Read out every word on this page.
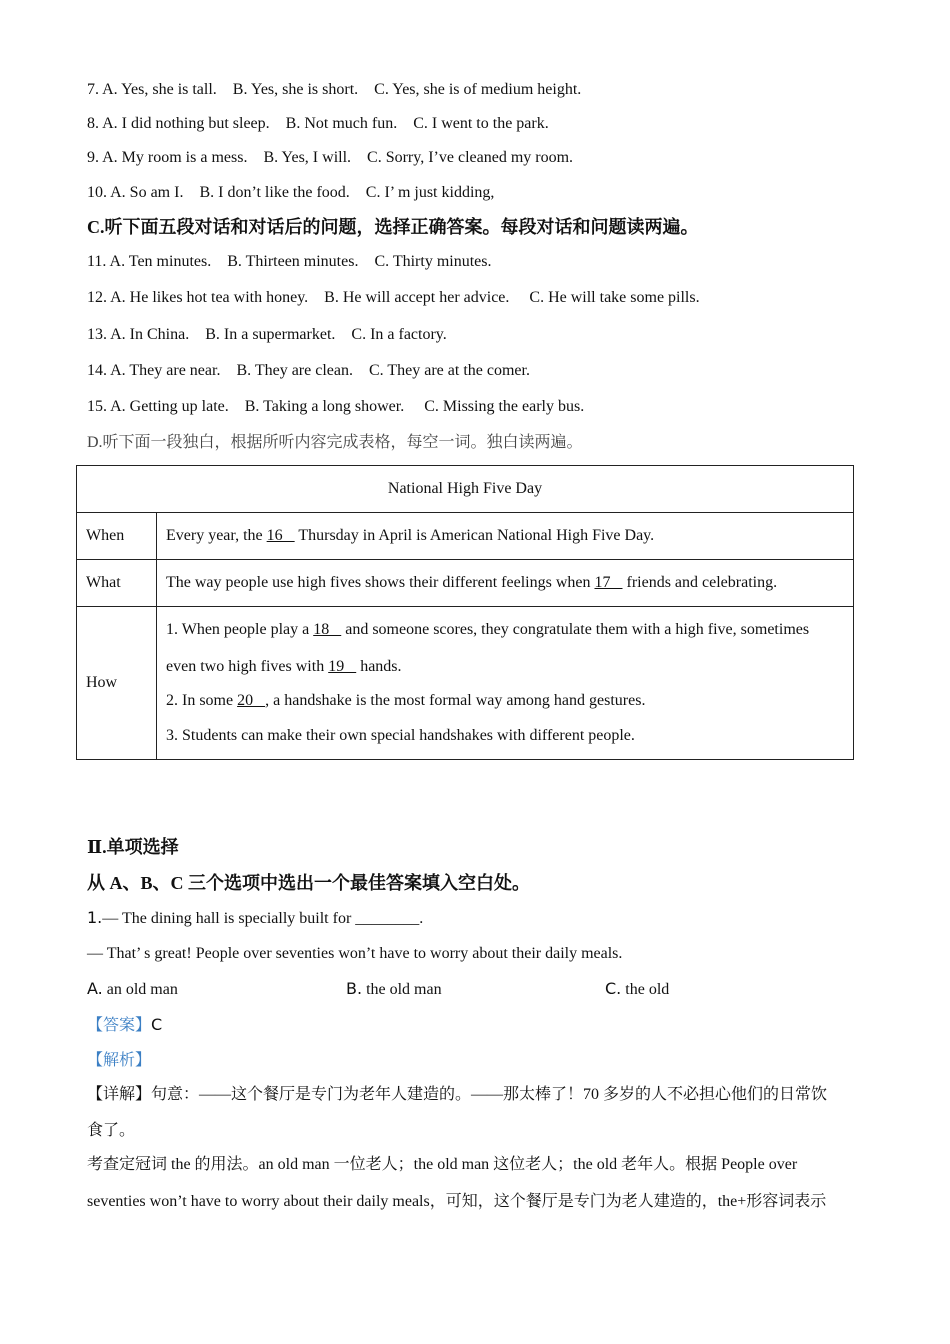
7. A. Yes, she is tall.    B. Yes, she is short.    C. Yes, she is of medium height.
8. A. I did nothing but sleep.    B. Not much fun.    C. I went to the park.
9. A. My room is a mess.    B. Yes, I will.    C. Sorry, I’ve cleaned my room.
10. A. So am I.    B. I don’t like the food.    C. I’ m just kidding,
C.听下面五段对话和对话后的问题，选择正确答案。每段对话和问题读两遍。
11. A. Ten minutes.    B. Thirteen minutes.    C. Thirty minutes.
12. A. He likes hot tea with honey.    B. He will accept her advice.     C. He will take some pills.
13. A. In China.    B. In a supermarket.    C. In a factory.
14. A. They are near.    B. They are clean.    C. They are at the comer.
15. A. Getting up late.    B. Taking a long shower.     C. Missing the early bus.
D.听下面一段独白，根据所听内容完成表格，每空一词。独白读两遍。
National High Five Day	
When	Every year, the 16    Thursday in April is American National High Five Day.
What	The way people use high fives shows their different feelings when 17    friends and celebrating.
How	1. When people play a 18    and someone scores, they congratulate them with a high five, sometimes

even two high fives with 19    hands.

2. In some 20   , a handshake is the most formal way among hand gestures.

3. Students can make their own special handshakes with different people.

Ⅱ.单项选择
从 A、B、C 三个选项中选出一个最佳答案填入空白处。
1.— The dining hall is specially built for ________.
— That’ s great! People over seventies won’t have to worry about their daily meals.
A. an old man	B. the old man	C. the old
【答案】C
【解析】
【详解】句意：——这个餐厅是专门为老年人建造的。——那太棒了！70 多岁的人不必担心他们的日常饮
食了。
考查定冠词 the 的用法。an old man 一位老人；the old man 这位老人；the old 老年人。根据 People over
seventies won’t have to worry about their daily meals，可知，这个餐厅是专门为老人建造的，the+形容词表示
